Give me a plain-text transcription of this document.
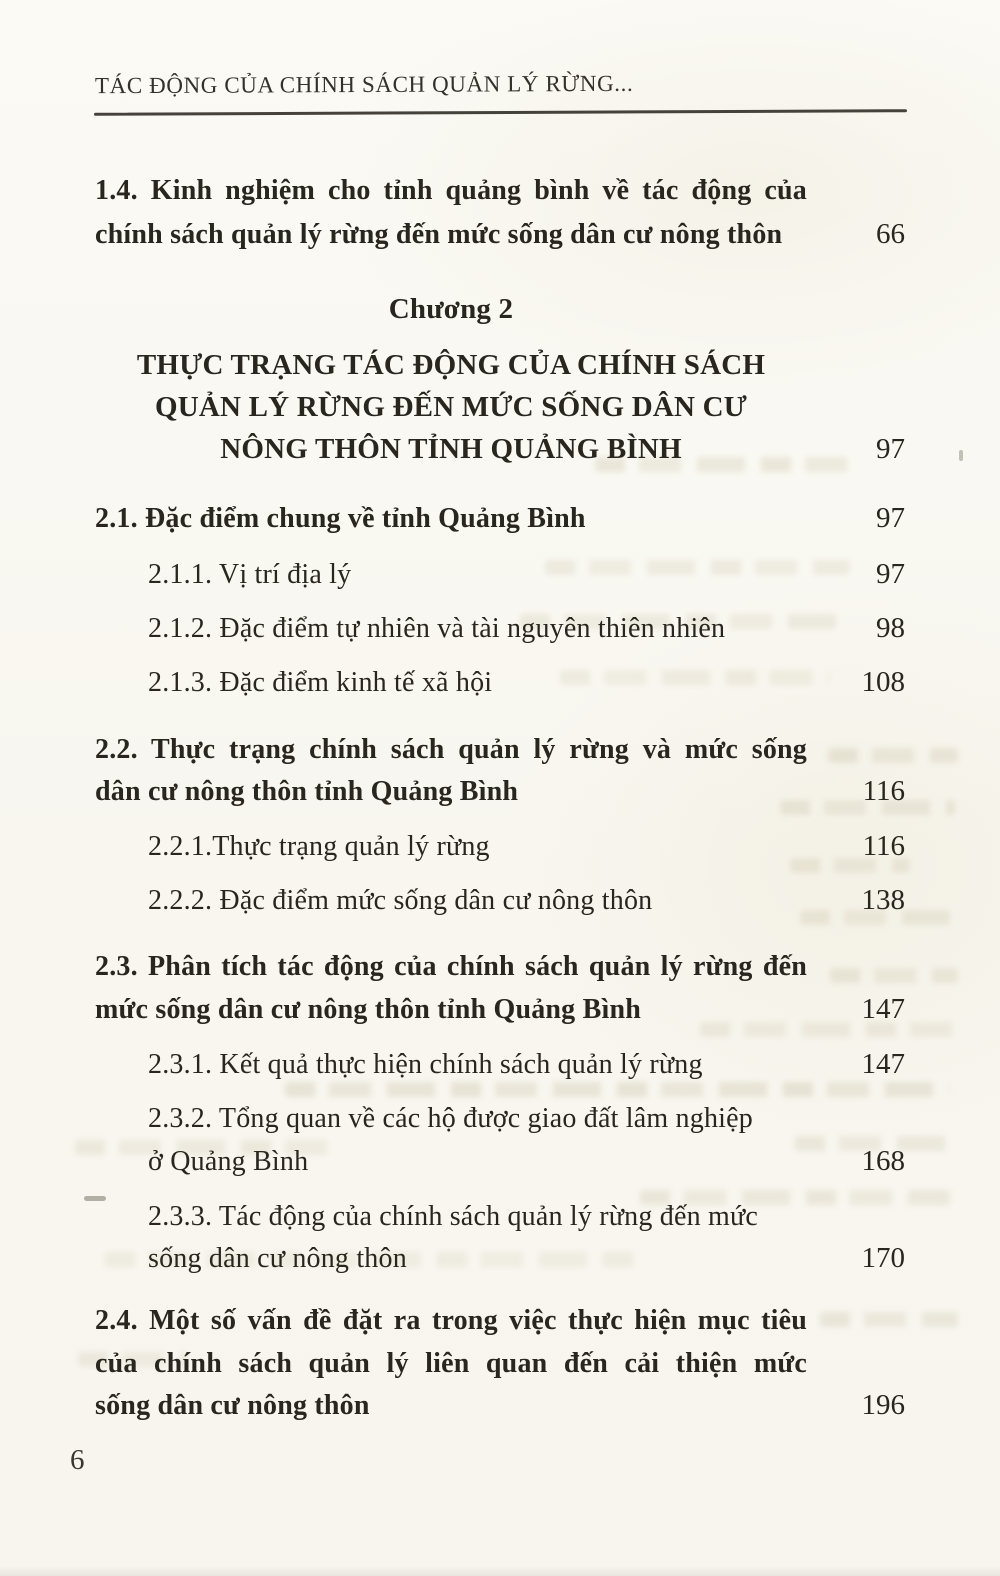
TÁC ĐỘNG CỦA CHÍNH SÁCH QUẢN LÝ RỪNG...
1.4. Kinh nghiệm cho tỉnh quảng bình về tác động của
chính sách quản lý rừng đến mức sống dân cư nông thôn	66
Chương 2
THỰC TRẠNG TÁC ĐỘNG CỦA CHÍNH SÁCH
QUẢN LÝ RỪNG ĐẾN MỨC SỐNG DÂN CƯ
NÔNG THÔN TỈNH QUẢNG BÌNH	97
2.1. Đặc điểm chung về tỉnh Quảng Bình	97
2.1.1. Vị trí địa lý	97
2.1.2. Đặc điểm tự nhiên và tài nguyên thiên nhiên	98
2.1.3. Đặc điểm kinh tế xã hội	108
2.2. Thực trạng chính sách quản lý rừng và mức sống
dân cư nông thôn tỉnh Quảng Bình	116
2.2.1.Thực trạng quản lý rừng	116
2.2.2. Đặc điểm mức sống dân cư nông thôn	138
2.3. Phân tích tác động của chính sách quản lý rừng đến
mức sống dân cư nông thôn tỉnh Quảng Bình	147
2.3.1. Kết quả thực hiện chính sách quản lý rừng	147
2.3.2. Tổng quan về các hộ được giao đất lâm nghiệp
ở Quảng Bình	168
2.3.3. Tác động của chính sách quản lý rừng đến mức
sống dân cư nông thôn	170
2.4. Một số vấn đề đặt ra trong việc thực hiện mục tiêu
của chính sách quản lý liên quan đến cải thiện mức
sống dân cư nông thôn	196
6
